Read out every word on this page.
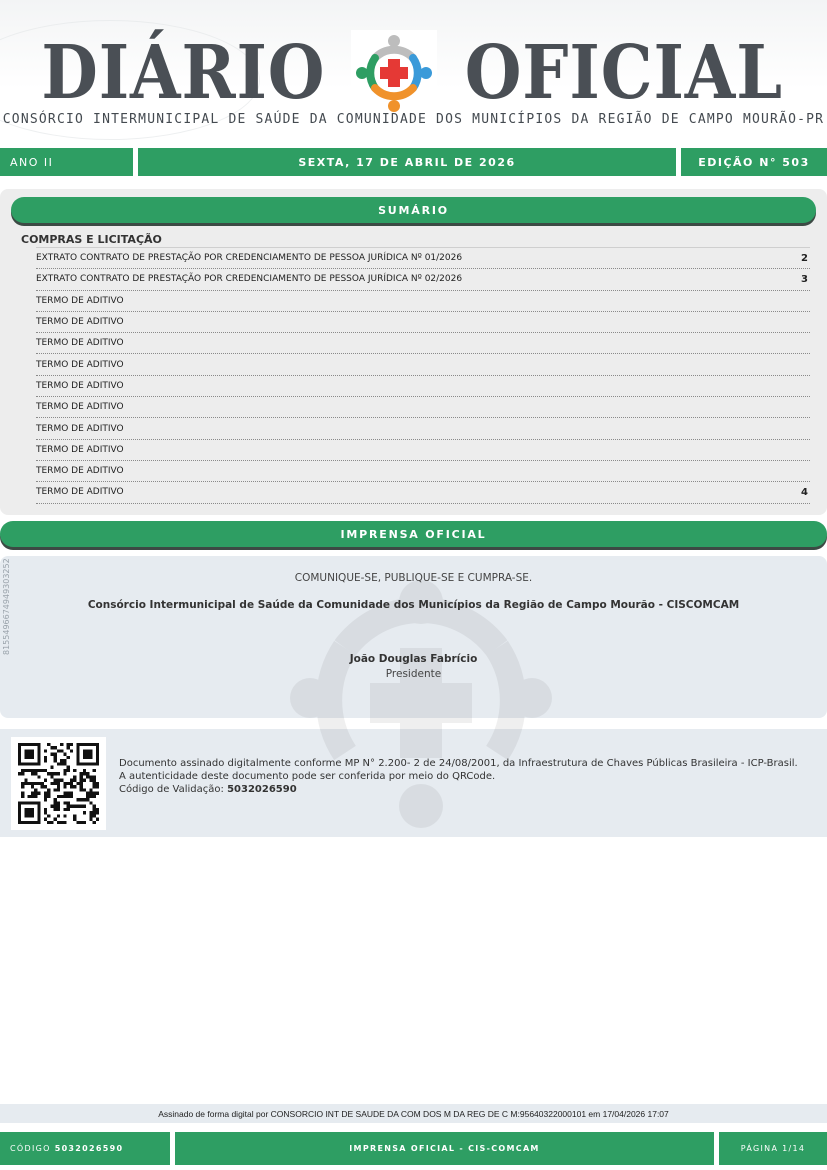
DIÁRIO OFICIAL
CONSÓRCIO INTERMUNICIPAL DE SAÚDE DA COMUNIDADE DOS MUNICÍPIOS DA REGIÃO DE CAMPO MOURÃO-PR
ANO II	SEXTA, 17 DE ABRIL DE 2026	EDIÇÃO N° 503
SUMÁRIO
COMPRAS E LICITAÇÃO
EXTRATO CONTRATO DE PRESTAÇÃO POR CREDENCIAMENTO DE PESSOA JURÍDICA Nº 01/2026	2
EXTRATO CONTRATO DE PRESTAÇÃO POR CREDENCIAMENTO DE PESSOA JURÍDICA Nº 02/2026	3
TERMO DE ADITIVO
TERMO DE ADITIVO
TERMO DE ADITIVO
TERMO DE ADITIVO
TERMO DE ADITIVO
TERMO DE ADITIVO
TERMO DE ADITIVO
TERMO DE ADITIVO
TERMO DE ADITIVO
TERMO DE ADITIVO	4
IMPRENSA OFICIAL
8155496674949303252	COMUNIQUE-SE, PUBLIQUE-SE E CUMPRA-SE.
Consórcio Intermunicipal de Saúde da Comunidade dos Municípios da Região de Campo Mourão - CISCOMCAM
João Douglas Fabrício
Presidente
Documento assinado digitalmente conforme MP N° 2.200- 2 de 24/08/2001, da Infraestrutura de Chaves Públicas Brasileira - ICP-Brasil.
A autenticidade deste documento pode ser conferida por meio do QRCode.
Código de Validação: 5032026590
Assinado de forma digital por CONSORCIO INT DE SAUDE DA COM DOS M DA REG DE C M:95640322000101 em 17/04/2026 17:07
CÓDIGO 5032026590	IMPRENSA OFICIAL - CIS-COMCAM	PÁGINA 1/14
